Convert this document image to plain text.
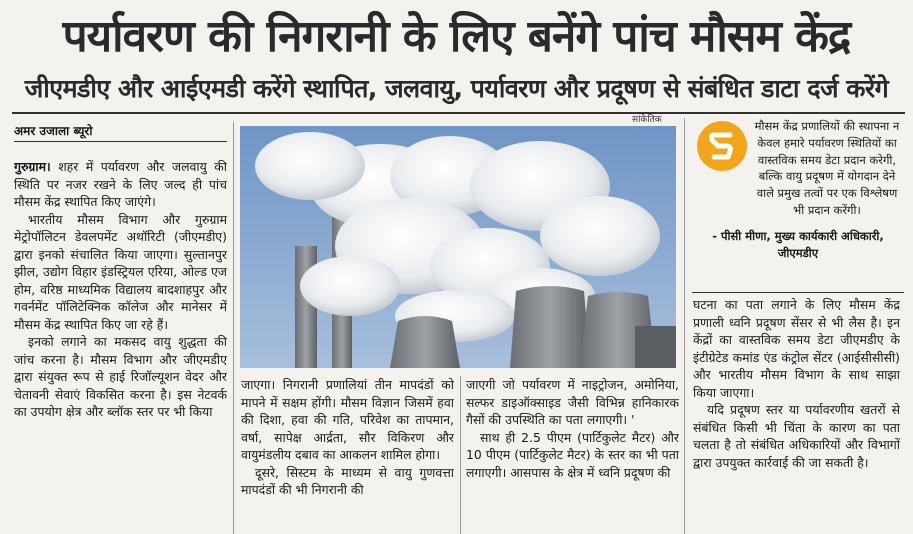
पर्यावरण की निगरानी के लिए बनेंगे पांच मौसम केंद्र
जीएमडीए और आईएमडी करेंगे स्थापित, जलवायु, पर्यावरण और प्रदूषण से संबंधित डाटा दर्ज करेंगे
अमर उजाला ब्यूरो
सांकेतिक

गुरुग्राम। शहर में पर्यावरण और जलवायु की स्थिति पर नजर रखने के लिए जल्द ही पांच मौसम केंद्र स्थापित किए जाएंगे।

भारतीय मौसम विभाग और गुरुग्राम मेट्रोपॉलिटन डेवलपमेंट अथॉरिटी (जीएमडीए) द्वारा इनको संचालित किया जाएगा। सुल्तानपुर झील, उद्योग विहार इंडस्ट्रियल एरिया, ओल्ड एज होम, वरिष्ठ माध्यमिक विद्यालय बादशाहपुर और गवर्नमेंट पॉलिटेक्निक कॉलेज और मानेसर में मौसम केंद्र स्थापित किए जा रहे हैं।

इनको लगाने का मकसद वायु शुद्धता की जांच करना है। मौसम विभाग और जीएमडीए द्वारा संयुक्त रूप से हाई रिजॉल्यूशन वेदर और चेतावनी सेवाएं विकसित करना है। इस नेटवर्क का उपयोग क्षेत्र और ब्लॉक स्तर पर भी किया

जाएगा। निगरानी प्रणालियां तीन मापदंडों को मापने में सक्षम होंगी। मौसम विज्ञान जिसमें हवा की दिशा, हवा की गति, परिवेश का तापमान, वर्षा, सापेक्ष आर्द्रता, सौर विकिरण और वायुमंडलीय दबाव का आकलन शामिल होगा।

दूसरे, सिस्टम के माध्यम से वायु गुणवत्ता मापदंडों की भी निगरानी की

जाएगी जो पर्यावरण में नाइट्रोजन, अमोनिया, सल्फर डाइऑक्साइड जैसी विभिन्न हानिकारक गैसों की उपस्थिति का पता लगाएगी। '

साथ ही 2.5 पीएम (पार्टिकुलेट मैटर) और 10 पीएम (पार्टिकुलेट मैटर) के स्तर का भी पता लगाएगी। आसपास के क्षेत्र में ध्वनि प्रदूषण की

मौसम केंद्र प्रणालियों की स्थापना न केवल हमारे पर्यावरण स्थितियों का वास्तविक समय डेटा प्रदान करेगी, बल्कि वायु प्रदूषण में योगदान देने वाले प्रमुख तत्वों पर एक विश्लेषण भी प्रदान करेंगी।
- पीसी मीणा, मुख्य कार्यकारी अधिकारी, जीएमडीए

घटना का पता लगाने के लिए मौसम केंद्र प्रणाली ध्वनि प्रदूषण सेंसर से भी लैस है। इन केंद्रों का वास्तविक समय डेटा जीएमडीए के इंटीग्रेटेड कमांड एंड कंट्रोल सेंटर (आईसीसीसी) और भारतीय मौसम विभाग के साथ साझा किया जाएगा।

यदि प्रदूषण स्तर या पर्यावरणीय खतरों से संबंधित किसी भी चिंता के कारण का पता चलता है तो संबंधित अधिकारियों और विभागों द्वारा उपयुक्त कार्रवाई की जा सकती है।
